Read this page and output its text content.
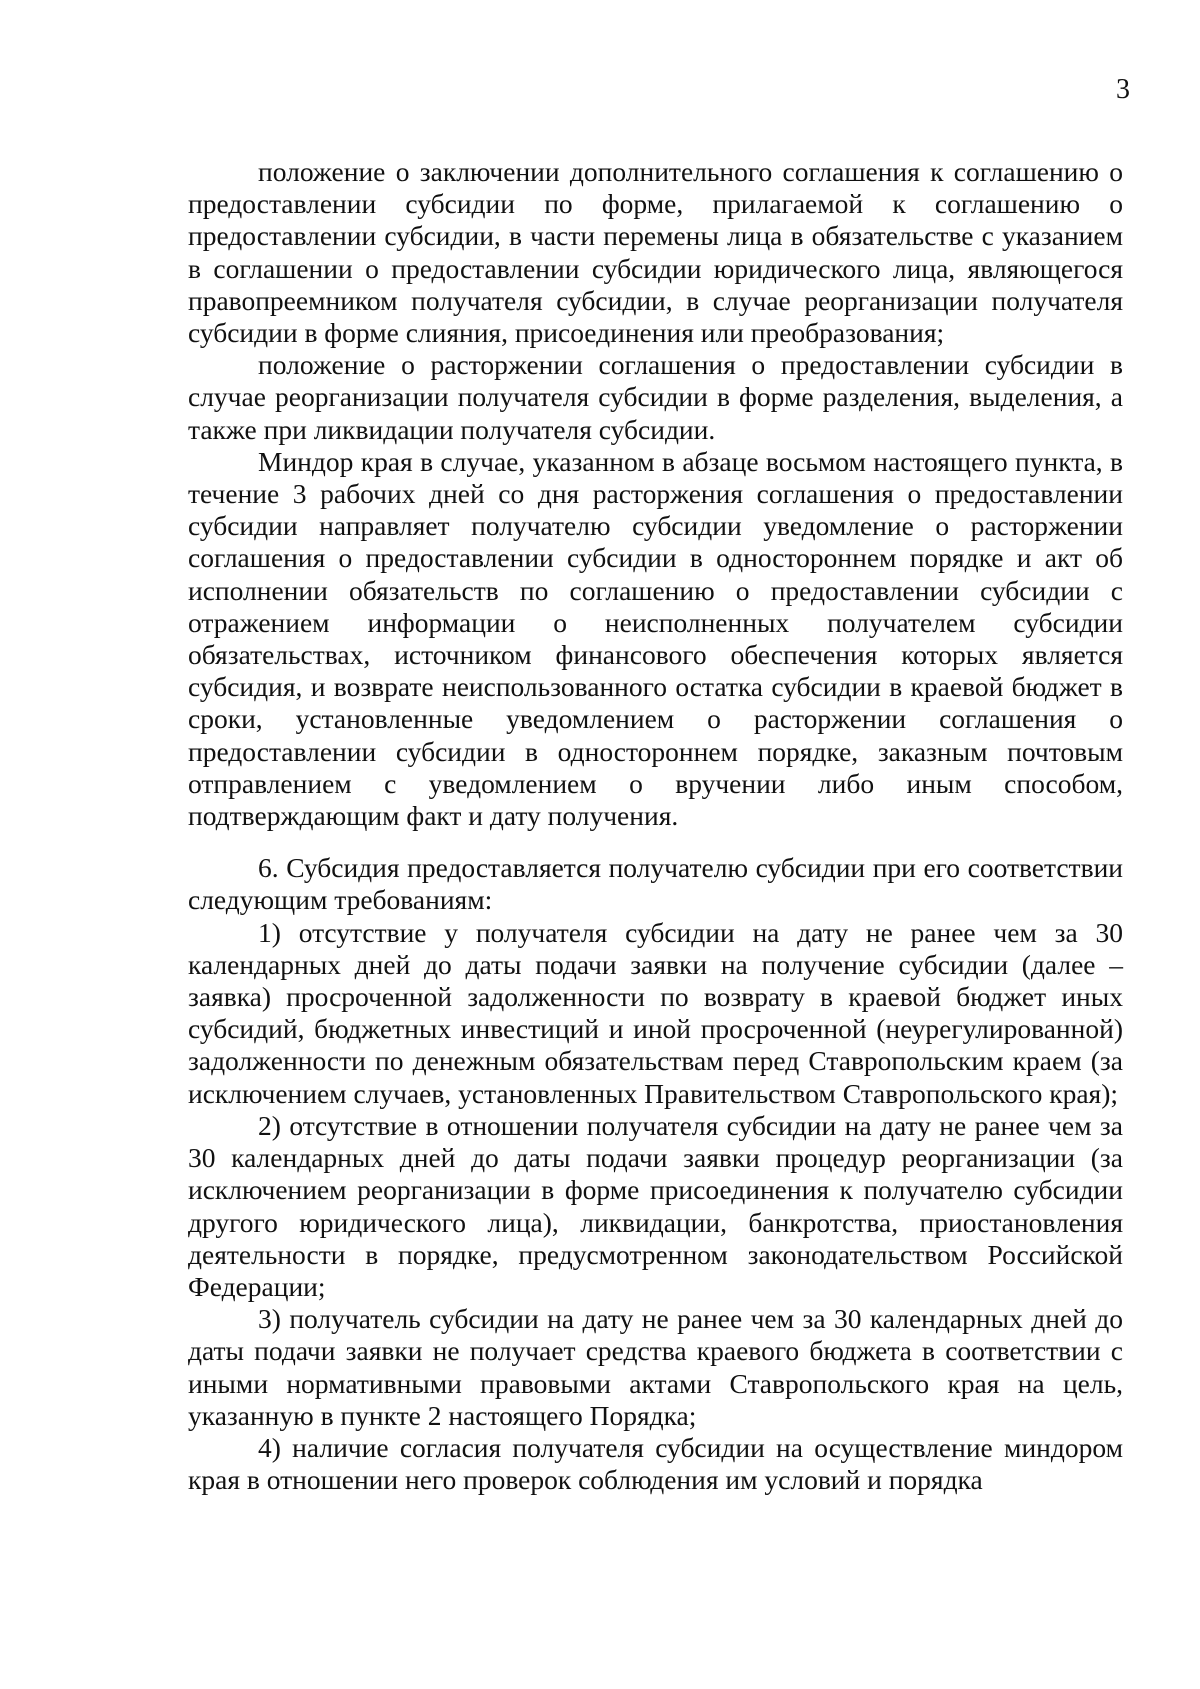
3

положение о заключении дополнительного соглашения к соглашению о предоставлении субсидии по форме, прилагаемой к соглашению о предоставлении субсидии, в части перемены лица в обязательстве с указанием в соглашении о предоставлении субсидии юридического лица, являющегося правопреемником получателя субсидии, в случае реорганизации получателя субсидии в форме слияния, присоединения или преобразования;

положение о расторжении соглашения о предоставлении субсидии в случае реорганизации получателя субсидии в форме разделения, выделения, а также при ликвидации получателя субсидии.

Миндор края в случае, указанном в абзаце восьмом настоящего пункта, в течение 3 рабочих дней со дня расторжения соглашения о предоставлении субсидии направляет получателю субсидии уведомление о расторжении соглашения о предоставлении субсидии в одностороннем порядке и акт об исполнении обязательств по соглашению о предоставлении субсидии с отражением информации о неисполненных получателем субсидии обязательствах, источником финансового обеспечения которых является субсидия, и возврате неиспользованного остатка субсидии в краевой бюджет в сроки, установленные уведомлением о расторжении соглашения о предоставлении субсидии в одностороннем порядке, заказным почтовым отправлением с уведомлением о вручении либо иным способом, подтверждающим факт и дату получения.

6. Субсидия предоставляется получателю субсидии при его соответствии следующим требованиям:

1) отсутствие у получателя субсидии на дату не ранее чем за 30 календарных дней до даты подачи заявки на получение субсидии (далее – заявка) просроченной задолженности по возврату в краевой бюджет иных субсидий, бюджетных инвестиций и иной просроченной (неурегулированной) задолженности по денежным обязательствам перед Ставропольским краем (за исключением случаев, установленных Правительством Ставропольского края);

2) отсутствие в отношении получателя субсидии на дату не ранее чем за 30 календарных дней до даты подачи заявки процедур реорганизации (за исключением реорганизации в форме присоединения к получателю субсидии другого юридического лица), ликвидации, банкротства, приостановления деятельности в порядке, предусмотренном законодательством Российской Федерации;

3) получатель субсидии на дату не ранее чем за 30 календарных дней до даты подачи заявки не получает средства краевого бюджета в соответствии с иными нормативными правовыми актами Ставропольского края на цель, указанную в пункте 2 настоящего Порядка;

4) наличие согласия получателя субсидии на осуществление миндором края в отношении него проверок соблюдения им условий и порядка
